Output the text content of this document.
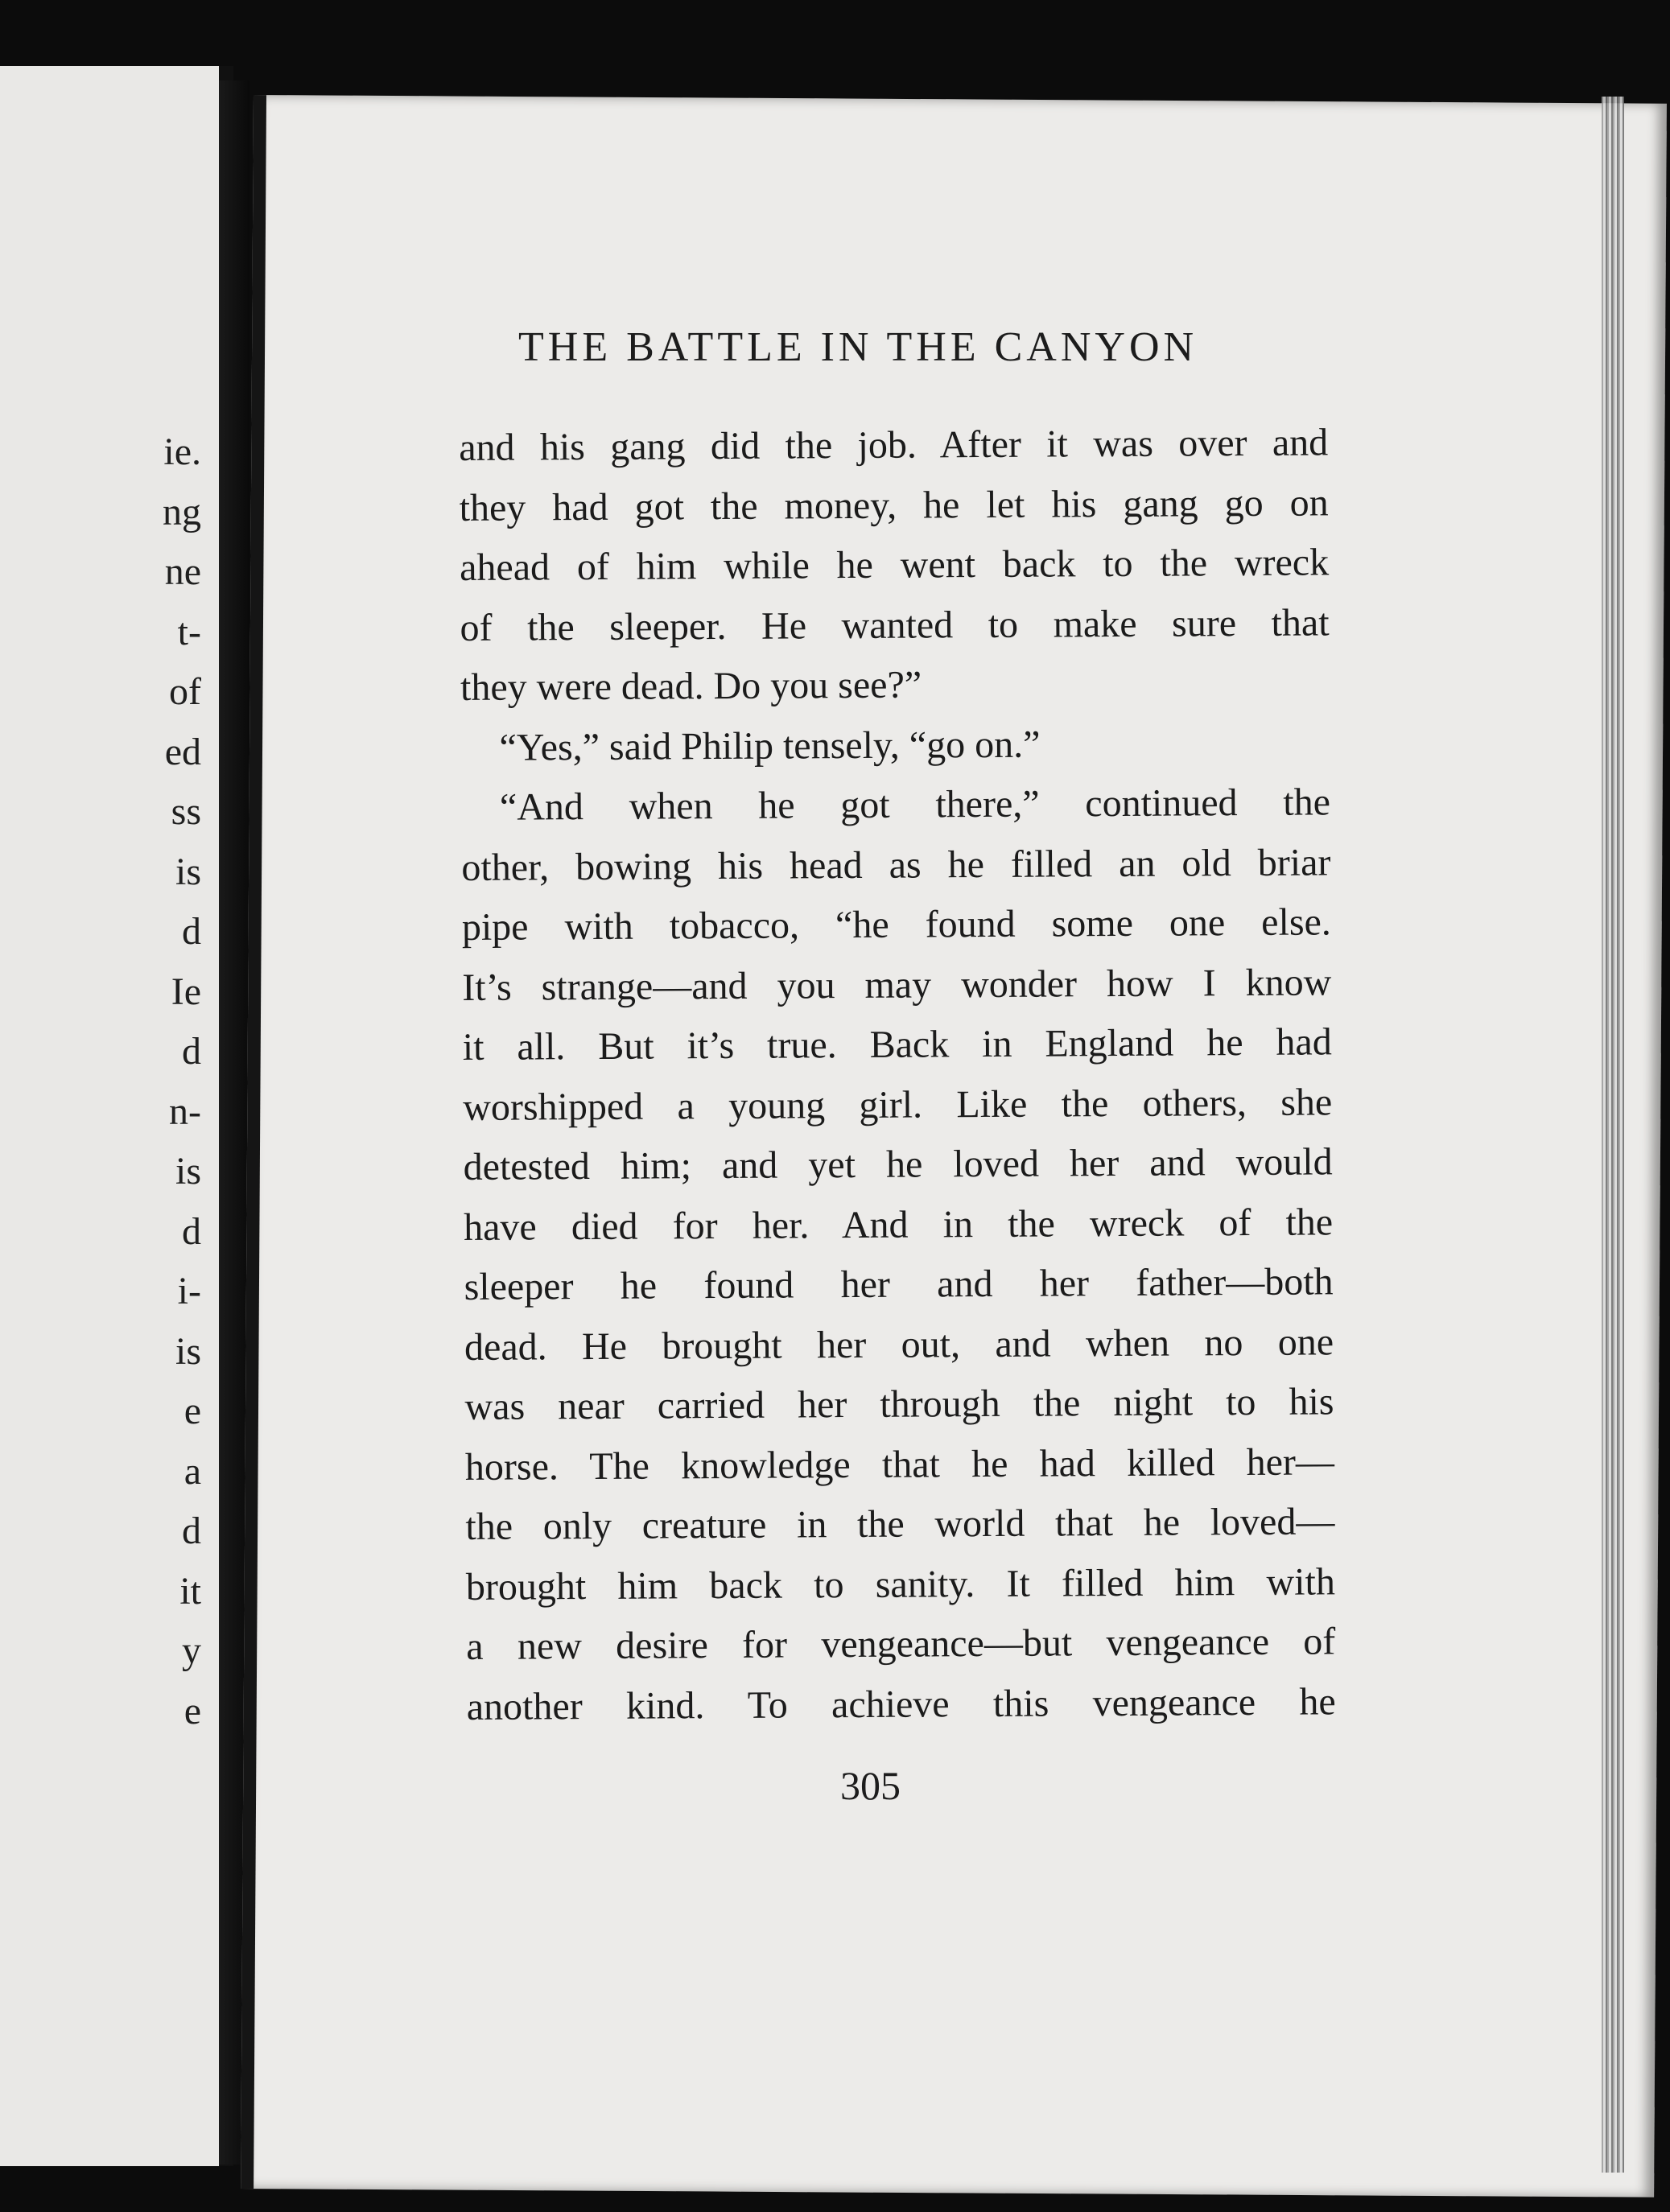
ie.
ng
ne
t-
of
ed
ss
is
d
Ie
d
n-
is
d
i-
is
e
a
d
it
y
e
THE BATTLE IN THE CANYON
and his gang did the job. After it was over and
they had got the money, he let his gang go on
ahead of him while he went back to the wreck
of the sleeper. He wanted to make sure that
they were dead. Do you see?”
“Yes,” said Philip tensely, “go on.”
“And when he got there,” continued the
other, bowing his head as he filled an old briar
pipe with tobacco, “he found some one else.
It’s strange—and you may wonder how I know
it all. But it’s true. Back in England he had
worshipped a young girl. Like the others, she
detested him; and yet he loved her and would
have died for her. And in the wreck of the
sleeper he found her and her father—both
dead. He brought her out, and when no one
was near carried her through the night to his
horse. The knowledge that he had killed her—
the only creature in the world that he loved—
brought him back to sanity. It filled him with
a new desire for vengeance—but vengeance of
another kind. To achieve this vengeance he
305
